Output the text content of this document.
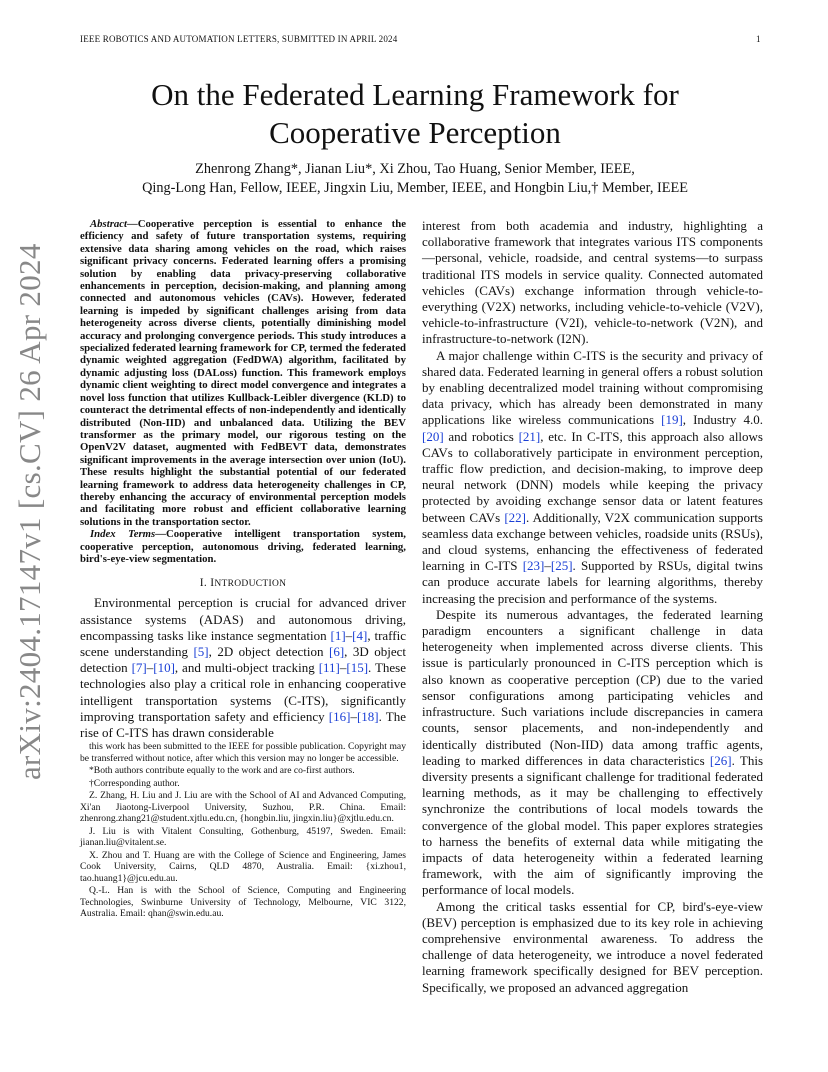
IEEE ROBOTICS AND AUTOMATION LETTERS, SUBMITTED IN APRIL 2024	1
arXiv:2404.17147v1 [cs.CV] 26 Apr 2024
On the Federated Learning Framework for Cooperative Perception
Zhenrong Zhang*, Jianan Liu*, Xi Zhou, Tao Huang, Senior Member, IEEE,
Qing-Long Han, Fellow, IEEE, Jingxin Liu, Member, IEEE, and Hongbin Liu,† Member, IEEE

Abstract—Cooperative perception is essential to enhance the efficiency and safety of future transportation systems, requiring extensive data sharing among vehicles on the road, which raises significant privacy concerns. Federated learning offers a promising solution by enabling data privacy-preserving collaborative enhancements in perception, decision-making, and planning among connected and autonomous vehicles (CAVs). However, federated learning is impeded by significant challenges arising from data heterogeneity across diverse clients, potentially diminishing model accuracy and prolonging convergence periods. This study introduces a specialized federated learning framework for CP, termed the federated dynamic weighted aggregation (FedDWA) algorithm, facilitated by dynamic adjusting loss (DALoss) function. This framework employs dynamic client weighting to direct model convergence and integrates a novel loss function that utilizes Kullback-Leibler divergence (KLD) to counteract the detrimental effects of non-independently and identically distributed (Non-IID) and unbalanced data. Utilizing the BEV transformer as the primary model, our rigorous testing on the OpenV2V dataset, augmented with FedBEVT data, demonstrates significant improvements in the average intersection over union (IoU). These results highlight the substantial potential of our federated learning framework to address data heterogeneity challenges in CP, thereby enhancing the accuracy of environmental perception models and facilitating more robust and efficient collaborative learning solutions in the transportation sector.

Index Terms—Cooperative intelligent transportation system, cooperative perception, autonomous driving, federated learning, bird's-eye-view segmentation.

I. INTRODUCTION

Environmental perception is crucial for advanced driver assistance systems (ADAS) and autonomous driving, encompassing tasks like instance segmentation [1]–[4], traffic scene understanding [5], 2D object detection [6], 3D object detection [7]–[10], and multi-object tracking [11]–[15]. These technologies also play a critical role in enhancing cooperative intelligent transportation systems (C-ITS), significantly improving transportation safety and efficiency [16]–[18]. The rise of C-ITS has drawn considerable

this work has been submitted to the IEEE for possible publication. Copyright may be transferred without notice, after which this version may no longer be accessible.

*Both authors contribute equally to the work and are co-first authors.

†Corresponding author.

Z. Zhang, H. Liu and J. Liu are with the School of AI and Advanced Computing, Xi'an Jiaotong-Liverpool University, Suzhou, P.R. China. Email: zhenrong.zhang21@student.xjtlu.edu.cn, {hongbin.liu, jingxin.liu}@xjtlu.edu.cn.

J. Liu is with Vitalent Consulting, Gothenburg, 45197, Sweden. Email: jianan.liu@vitalent.se.

X. Zhou and T. Huang are with the College of Science and Engineering, James Cook University, Cairns, QLD 4870, Australia. Email: {xi.zhou1, tao.huang1}@jcu.edu.au.

Q.-L. Han is with the School of Science, Computing and Engineering Technologies, Swinburne University of Technology, Melbourne, VIC 3122, Australia. Email: qhan@swin.edu.au.

interest from both academia and industry, highlighting a collaborative framework that integrates various ITS components—personal, vehicle, roadside, and central systems—to surpass traditional ITS models in service quality. Connected automated vehicles (CAVs) exchange information through vehicle-to-everything (V2X) networks, including vehicle-to-vehicle (V2V), vehicle-to-infrastructure (V2I), vehicle-to-network (V2N), and infrastructure-to-network (I2N).

A major challenge within C-ITS is the security and privacy of shared data. Federated learning in general offers a robust solution by enabling decentralized model training without compromising data privacy, which has already been demonstrated in many applications like wireless communications [19], Industry 4.0. [20] and robotics [21], etc. In C-ITS, this approach also allows CAVs to collaboratively participate in environment perception, traffic flow prediction, and decision-making, to improve deep neural network (DNN) models while keeping the privacy protected by avoiding exchange sensor data or latent features between CAVs [22]. Additionally, V2X communication supports seamless data exchange between vehicles, roadside units (RSUs), and cloud systems, enhancing the effectiveness of federated learning in C-ITS [23]–[25]. Supported by RSUs, digital twins can produce accurate labels for learning algorithms, thereby increasing the precision and performance of the systems.

Despite its numerous advantages, the federated learning paradigm encounters a significant challenge in data heterogeneity when implemented across diverse clients. This issue is particularly pronounced in C-ITS perception which is also known as cooperative perception (CP) due to the varied sensor configurations among participating vehicles and infrastructure. Such variations include discrepancies in camera counts, sensor placements, and non-independently and identically distributed (Non-IID) data among traffic agents, leading to marked differences in data characteristics [26]. This diversity presents a significant challenge for traditional federated learning methods, as it may be challenging to effectively synchronize the contributions of local models towards the convergence of the global model. This paper explores strategies to harness the benefits of external data while mitigating the impacts of data heterogeneity within a federated learning framework, with the aim of significantly improving the performance of local models.

Among the critical tasks essential for CP, bird's-eye-view (BEV) perception is emphasized due to its key role in achieving comprehensive environmental awareness. To address the challenge of data heterogeneity, we introduce a novel federated learning framework specifically designed for BEV perception. Specifically, we proposed an advanced aggregation
